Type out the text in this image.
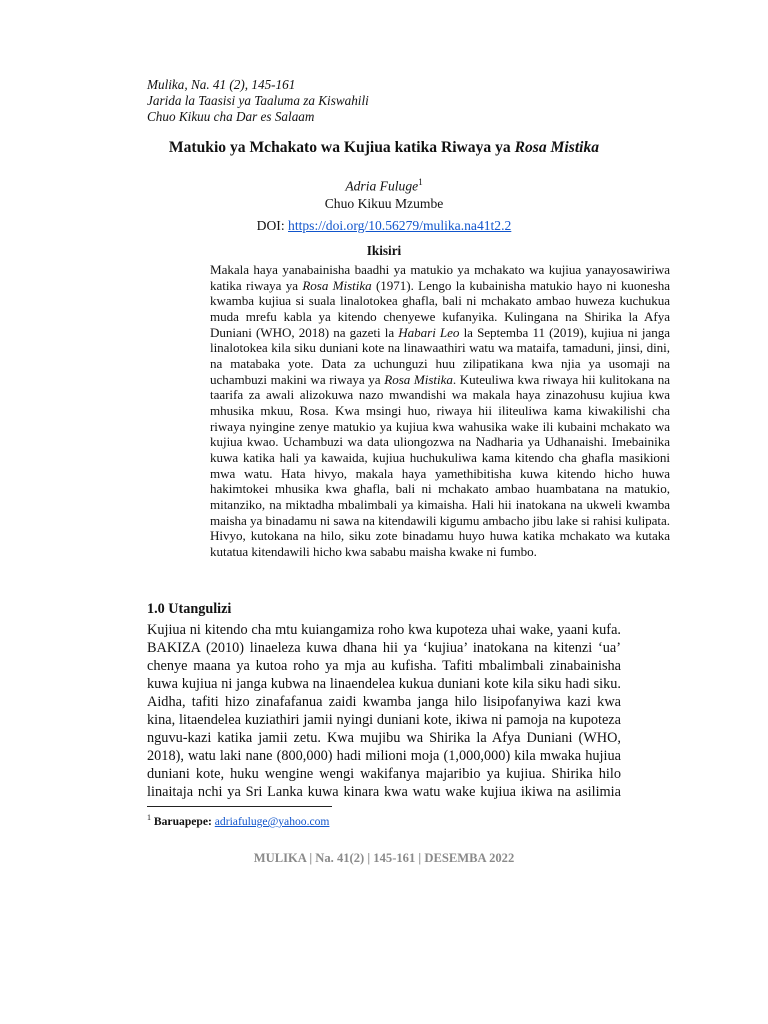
Mulika, Na. 41 (2), 145-161
Jarida la Taasisi ya Taaluma za Kiswahili
Chuo Kikuu cha Dar es Salaam
Matukio ya Mchakato wa Kujiua katika Riwaya ya Rosa Mistika
Adria Fuluge$^1$
Chuo Kikuu Mzumbe
DOI: https://doi.org/10.56279/mulika.na41t2.2
Ikisiri
Makala haya yanabainisha baadhi ya matukio ya mchakato wa kujiua yanayosawiriwa katika riwaya ya Rosa Mistika (1971). Lengo la kubainisha matukio hayo ni kuonesha kwamba kujiua si suala linalotokea ghafla, bali ni mchakato ambao huweza kuchukua muda mrefu kabla ya kitendo chenyewe kufanyika. Kulingana na Shirika la Afya Duniani (WHO, 2018) na gazeti la Habari Leo la Septemba 11 (2019), kujiua ni janga linalotokea kila siku duniani kote na linawaathiri watu wa mataifa, tamaduni, jinsi, dini, na matabaka yote. Data za uchunguzi huu zilipatikana kwa njia ya usomaji na uchambuzi makini wa riwaya ya Rosa Mistika. Kuteuliwa kwa riwaya hii kulitokana na taarifa za awali alizokuwa nazo mwandishi wa makala haya zinazohusu kujiua kwa mhusika mkuu, Rosa. Kwa msingi huo, riwaya hii iliteuliwa kama kiwakilishi cha riwaya nyingine zenye matukio ya kujiua kwa wahusika wake ili kubaini mchakato wa kujiua kwao. Uchambuzi wa data uliongozwa na Nadharia ya Udhanaishi. Imebainika kuwa katika hali ya kawaida, kujiua huchukuliwa kama kitendo cha ghafla masikioni mwa watu. Hata hivyo, makala haya yamethibitisha kuwa kitendo hicho huwa hakimtokei mhusika kwa ghafla, bali ni mchakato ambao huambatana na matukio, mitanziko, na miktadha mbalimbali ya kimaisha. Hali hii inatokana na ukweli kwamba maisha ya binadamu ni sawa na kitendawili kigumu ambacho jibu lake si rahisi kulipata. Hivyo, kutokana na hilo, siku zote binadamu huyo huwa katika mchakato wa kutaka kutatua kitendawili hicho kwa sababu maisha kwake ni fumbo.
1.0 Utangulizi
Kujiua ni kitendo cha mtu kuiangamiza roho kwa kupoteza uhai wake, yaani kufa. BAKIZA (2010) linaeleza kuwa dhana hii ya ‘kujiua’ inatokana na kitenzi ‘ua’ chenye maana ya kutoa roho ya mja au kufisha. Tafiti mbalimbali zinabainisha kuwa kujiua ni janga kubwa na linaendelea kukua duniani kote kila siku hadi siku. Aidha, tafiti hizo zinafafanua zaidi kwamba janga hilo lisipofanyiwa kazi kwa kina, litaendelea kuziathiri jamii nyingi duniani kote, ikiwa ni pamoja na kupoteza nguvu-kazi katika jamii zetu. Kwa mujibu wa Shirika la Afya Duniani (WHO, 2018), watu laki nane (800,000) hadi milioni moja (1,000,000) kila mwaka hujiua duniani kote, huku wengine wengi wakifanya majaribio ya kujiua. Shirika hilo linaitaja nchi ya Sri Lanka kuwa kinara kwa watu wake kujiua ikiwa na asilimia
$^1$ Baruapepe: adriafuluge@yahoo.com
MULIKA | Na. 41(2) | 145-161 | DESEMBA 2022
